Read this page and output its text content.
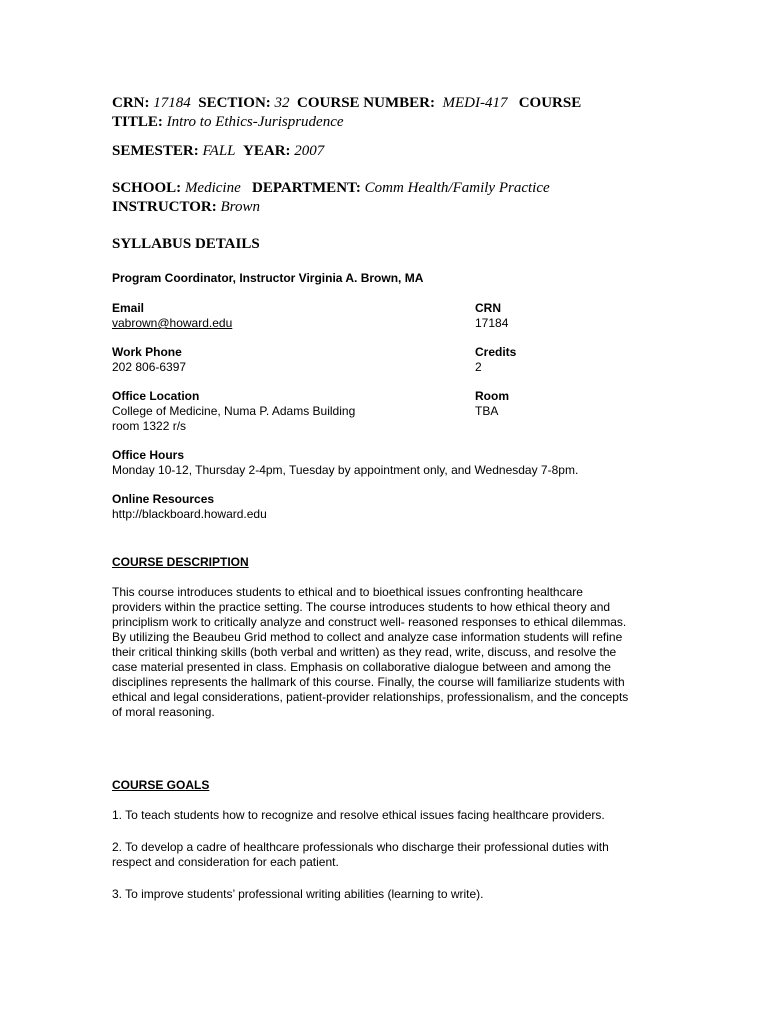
CRN: 17184 SECTION: 32 COURSE NUMBER: MEDI-417 COURSE

TITLE: Intro to Ethics-Jurisprudence

SEMESTER: FALL YEAR: 2007

SCHOOL: Medicine DEPARTMENT: Comm Health/Family Practice

INSTRUCTOR: Brown

SYLLABUS DETAILS
Program Coordinator, Instructor Virginia A. Brown, MA
Email
vabrown@howard.edu
CRN
17184
Work Phone
202 806-6397
Credits
2
Office Location
College of Medicine, Numa P. Adams Building
room 1322 r/s
Room
TBA
Office Hours
Monday 10-12, Thursday 2-4pm, Tuesday by appointment only, and Wednesday 7-8pm.
Online Resources
http://blackboard.howard.edu
COURSE DESCRIPTION
This course introduces students to ethical and to bioethical issues confronting healthcare
providers within the practice setting. The course introduces students to how ethical theory and
principlism work to critically analyze and construct well- reasoned responses to ethical dilemmas.
By utilizing the Beaubeu Grid method to collect and analyze case information students will refine
their critical thinking skills (both verbal and written) as they read, write, discuss, and resolve the
case material presented in class. Emphasis on collaborative dialogue between and among the
disciplines represents the hallmark of this course. Finally, the course will familiarize students with
ethical and legal considerations, patient-provider relationships, professionalism, and the concepts
of moral reasoning.
COURSE GOALS
1. To teach students how to recognize and resolve ethical issues facing healthcare providers.
2. To develop a cadre of healthcare professionals who discharge their professional duties with
respect and consideration for each patient.
3. To improve students’ professional writing abilities (learning to write).
